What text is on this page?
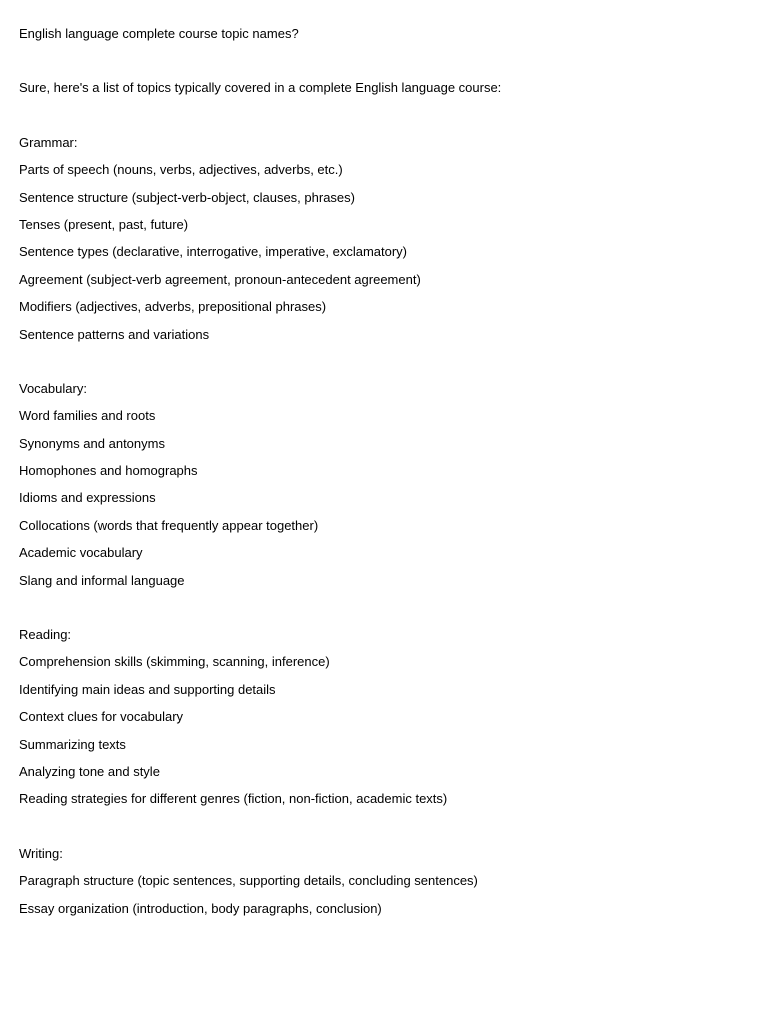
English language complete course topic names?
Sure, here's a list of topics typically covered in a complete English language course:
Grammar:
Parts of speech (nouns, verbs, adjectives, adverbs, etc.)
Sentence structure (subject-verb-object, clauses, phrases)
Tenses (present, past, future)
Sentence types (declarative, interrogative, imperative, exclamatory)
Agreement (subject-verb agreement, pronoun-antecedent agreement)
Modifiers (adjectives, adverbs, prepositional phrases)
Sentence patterns and variations
Vocabulary:
Word families and roots
Synonyms and antonyms
Homophones and homographs
Idioms and expressions
Collocations (words that frequently appear together)
Academic vocabulary
Slang and informal language
Reading:
Comprehension skills (skimming, scanning, inference)
Identifying main ideas and supporting details
Context clues for vocabulary
Summarizing texts
Analyzing tone and style
Reading strategies for different genres (fiction, non-fiction, academic texts)
Writing:
Paragraph structure (topic sentences, supporting details, concluding sentences)
Essay organization (introduction, body paragraphs, conclusion)
